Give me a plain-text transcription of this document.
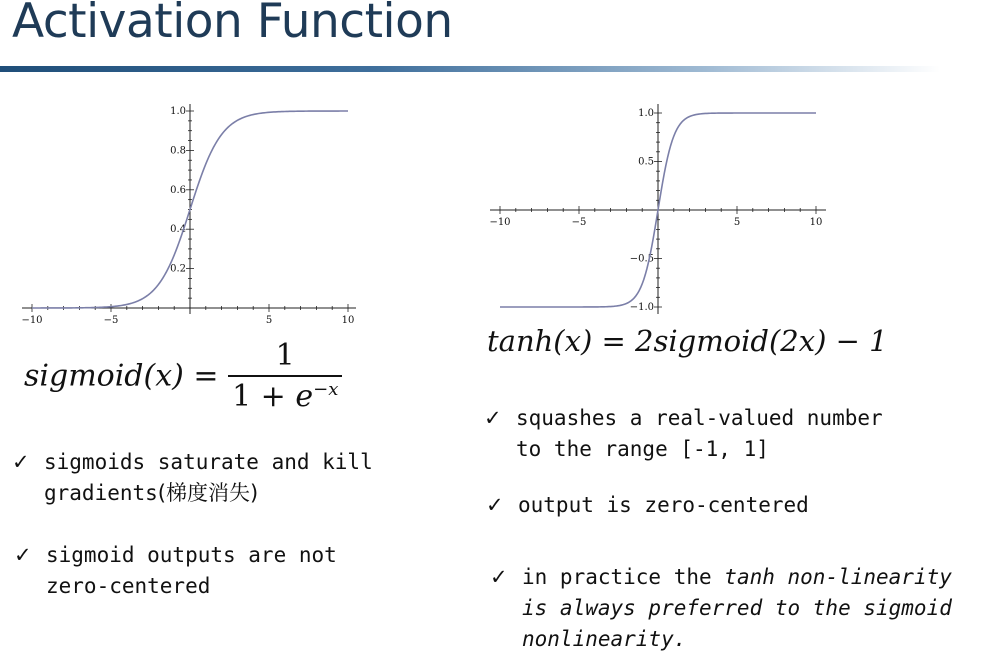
Activation Function
−10	−5	5	10
0.2
0.4
0.6
0.8
1.0
−10	−5	5	10
−1.0
−0.5
0.5
1.0
sigmoid(x) = $\frac{1}{1 + e^{-x}}$	tanh(x) = 2sigmoid(2x) − 1
✓ sigmoids saturate and kill
gradients(梯度消失)
✓ sigmoid outputs are not
zero-centered
✓ squashes a real-valued number
to the range [-1, 1]
✓ output is zero-centered
✓ in practice the tanh non-linearity
is always preferred to the sigmoid
nonlinearity.
